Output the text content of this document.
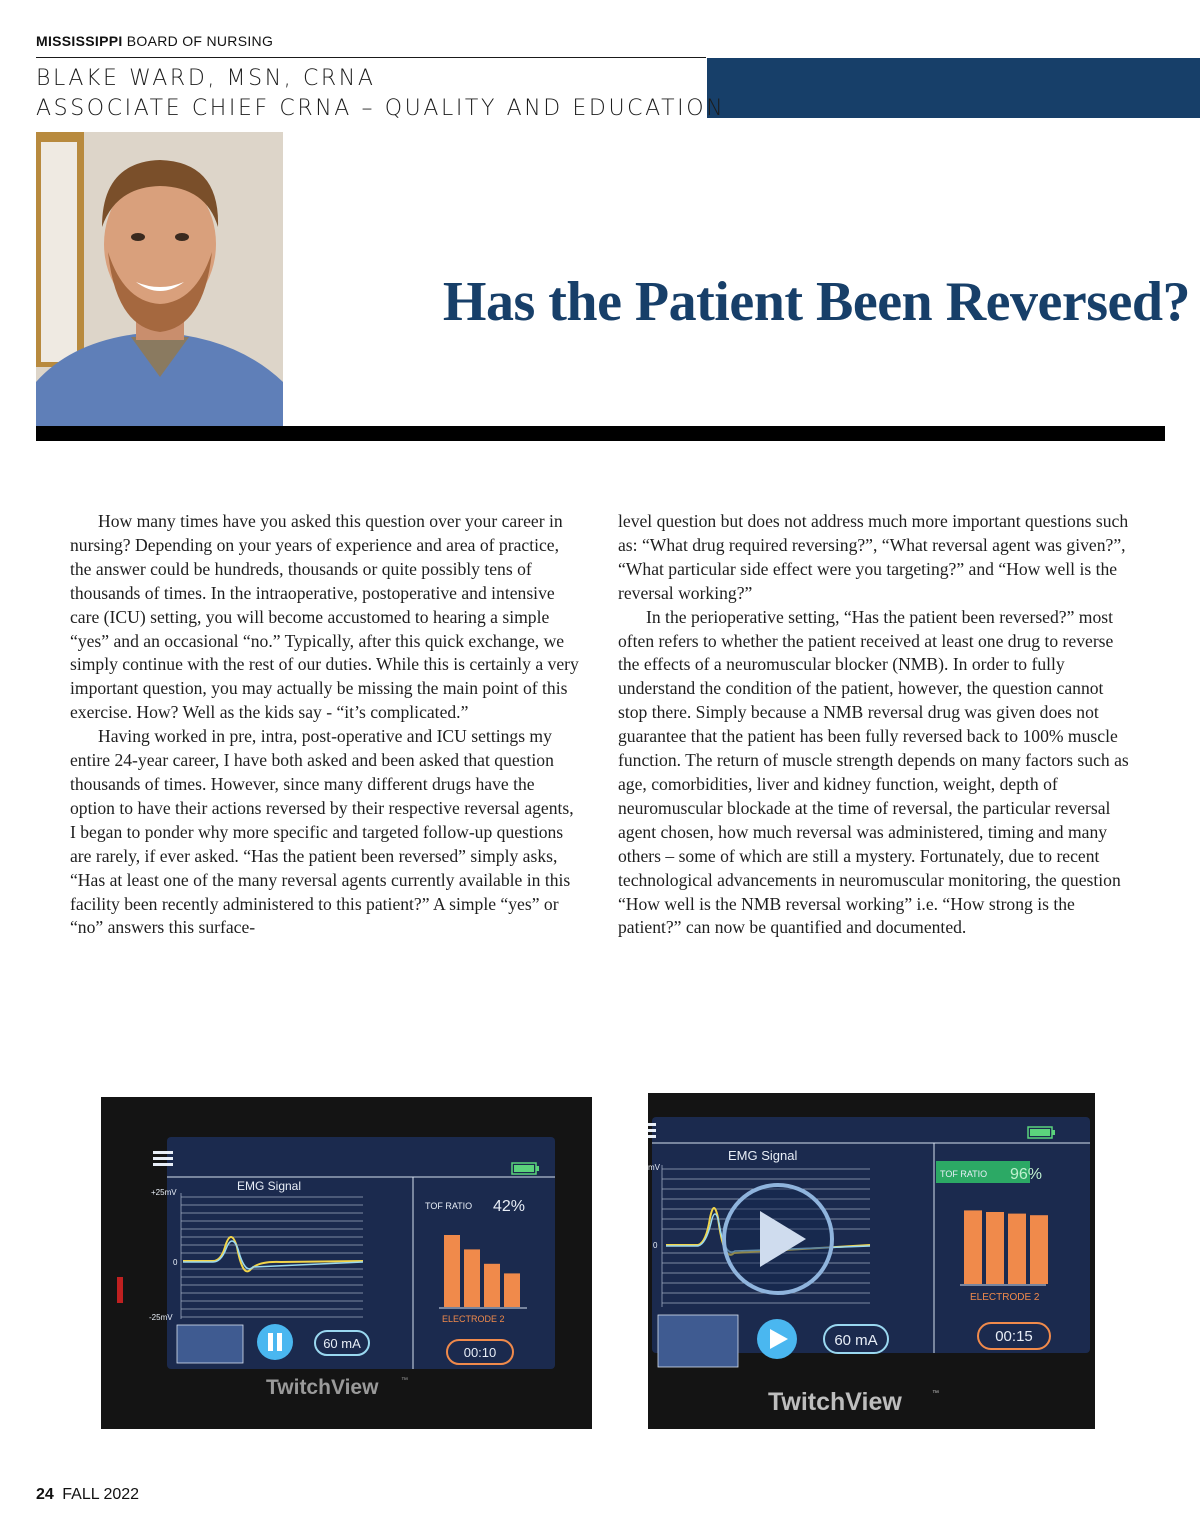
MISSISSIPPI BOARD OF NURSING
BLAKE WARD, MSN, CRNA
ASSOCIATE CHIEF CRNA – QUALITY AND EDUCATION
Has the Patient Been Reversed?

How many times have you asked this question over your career in nursing? Depending on your years of experience and area of practice, the answer could be hundreds, thousands or quite possibly tens of thousands of times. In the intraoperative, postoperative and intensive care (ICU) setting, you will become accustomed to hearing a simple “yes” and an occasional “no.” Typically, after this quick exchange, we simply continue with the rest of our duties. While this is certainly a very important question, you may actually be missing the main point of this exercise. How? Well as the kids say - “it’s complicated.”

Having worked in pre, intra, post-operative and ICU settings my entire 24-year career, I have both asked and been asked that question thousands of times. However, since many different drugs have the option to have their actions reversed by their respective reversal agents, I began to ponder why more specific and targeted follow-up questions are rarely, if ever asked. “Has the patient been reversed” simply asks, “Has at least one of the many reversal agents currently available in this facility been recently administered to this patient?” A simple “yes” or “no” answers this surface-

level question but does not address much more important questions such as: “What drug required reversing?”, “What reversal agent was given?”, “What particular side effect were you targeting?” and “How well is the reversal working?”

In the perioperative setting, “Has the patient been reversed?” most often refers to whether the patient received at least one drug to reverse the effects of a neuromuscular blocker (NMB). In order to fully understand the condition of the patient, however, the question cannot stop there. Simply because a NMB reversal drug was given does not guarantee that the patient has been fully reversed back to 100% muscle function. The return of muscle strength depends on many factors such as age, comorbidities, liver and kidney function, weight, depth of neuromuscular blockade at the time of reversal, the particular reversal agent chosen, how much reversal was administered, timing and many others – some of which are still a mystery. Fortunately, due to recent technological advancements in neuromuscular monitoring, the question “How well is the NMB reversal working” i.e. “How strong is the patient?” can now be quantified and documented.

EMG Signal
+25mV
0
-25mV
60 mA
TOF RATIO 42%
ELECTRODE 2
00:10
TwitchView	™
EMG Signal
mV
0
60 mA
TOF RATIO 96%
ELECTRODE 2
00:15
TwitchView	™
24 FALL 2022
